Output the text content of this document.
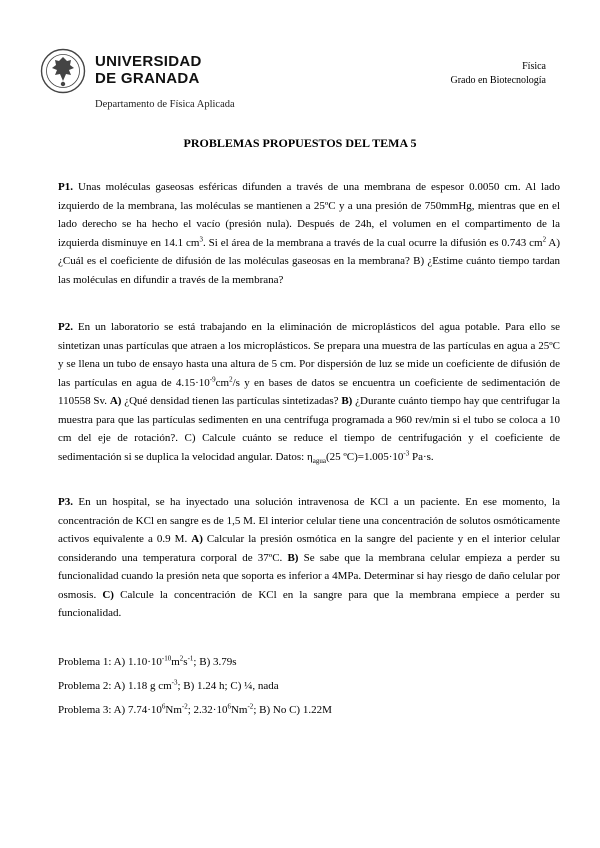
UNIVERSIDAD
DE GRANADA
Departamento de Física Aplicada
Física
Grado en Biotecnología
PROBLEMAS PROPUESTOS DEL TEMA 5
P1. Unas moléculas gaseosas esféricas difunden a través de una membrana de espesor 0.0050 cm. Al lado izquierdo de la membrana, las moléculas se mantienen a 25ºC y a una presión de 750mmHg, mientras que en el lado derecho se ha hecho el vacío (presión nula). Después de 24h, el volumen en el compartimento de la izquierda disminuye en 14.1 $cm^3$. Si el área de la membrana a través de la cual ocurre la difusión es 0.743 $cm^2$ A) ¿Cuál es el coeficiente de difusión de las moléculas gaseosas en la membrana? B) ¿Estime cuánto tiempo tardan las moléculas en difundir a través de la membrana?
P2. En un laboratorio se está trabajando en la eliminación de microplásticos del agua potable. Para ello se sintetizan unas partículas que atraen a los microplásticos. Se prepara una muestra de las partículas en agua a 25ºC y se llena un tubo de ensayo hasta una altura de 5 cm. Por dispersión de luz se mide un coeficiente de difusión de las partículas en agua de $4.15\cdot 10^{-9}cm^2/s$ y en bases de datos se encuentra un coeficiente de sedimentación de 110558 Sv. A) ¿Qué densidad tienen las partículas sintetizadas? B) ¿Durante cuánto tiempo hay que centrifugar la muestra para que las partículas sedimenten en una centrífuga programada a 960 rev/min si el tubo se coloca a 10 cm del eje de rotación?. C) Calcule cuánto se reduce el tiempo de centrifugación y el coeficiente de sedimentación si se duplica la velocidad angular. Datos: $\eta_{agua}(25$ $ºC)=1.005\cdot 10^{-3}$ Pa·s.
P3. En un hospital, se ha inyectado una solución intravenosa de KCl a un paciente. En ese momento, la concentración de KCl en sangre es de 1,5 M. El interior celular tiene una concentración de solutos osmóticamente activos equivalente a 0.9 M. A) Calcular la presión osmótica en la sangre del paciente y en el interior celular considerando una temperatura corporal de 37ºC. B) Se sabe que la membrana celular empieza a perder su funcionalidad cuando la presión neta que soporta es inferior a 4MPa. Determinar si hay riesgo de daño celular por osmosis. C) Calcule la concentración de KCl en la sangre para que la membrana empiece a perder su funcionalidad.
Problema 1: A) $1.10\cdot 10^{-10}m^2s^{-1}$; B) 3.79s
Problema 2: A) 1.18 g $cm^{-3}$; B) 1.24 h; C) ¼, nada
Problema 3: A) $7.74\cdot 10^6Nm^{-2}$; $2.32\cdot 10^6Nm^{-2}$; B) No C) 1.22M
